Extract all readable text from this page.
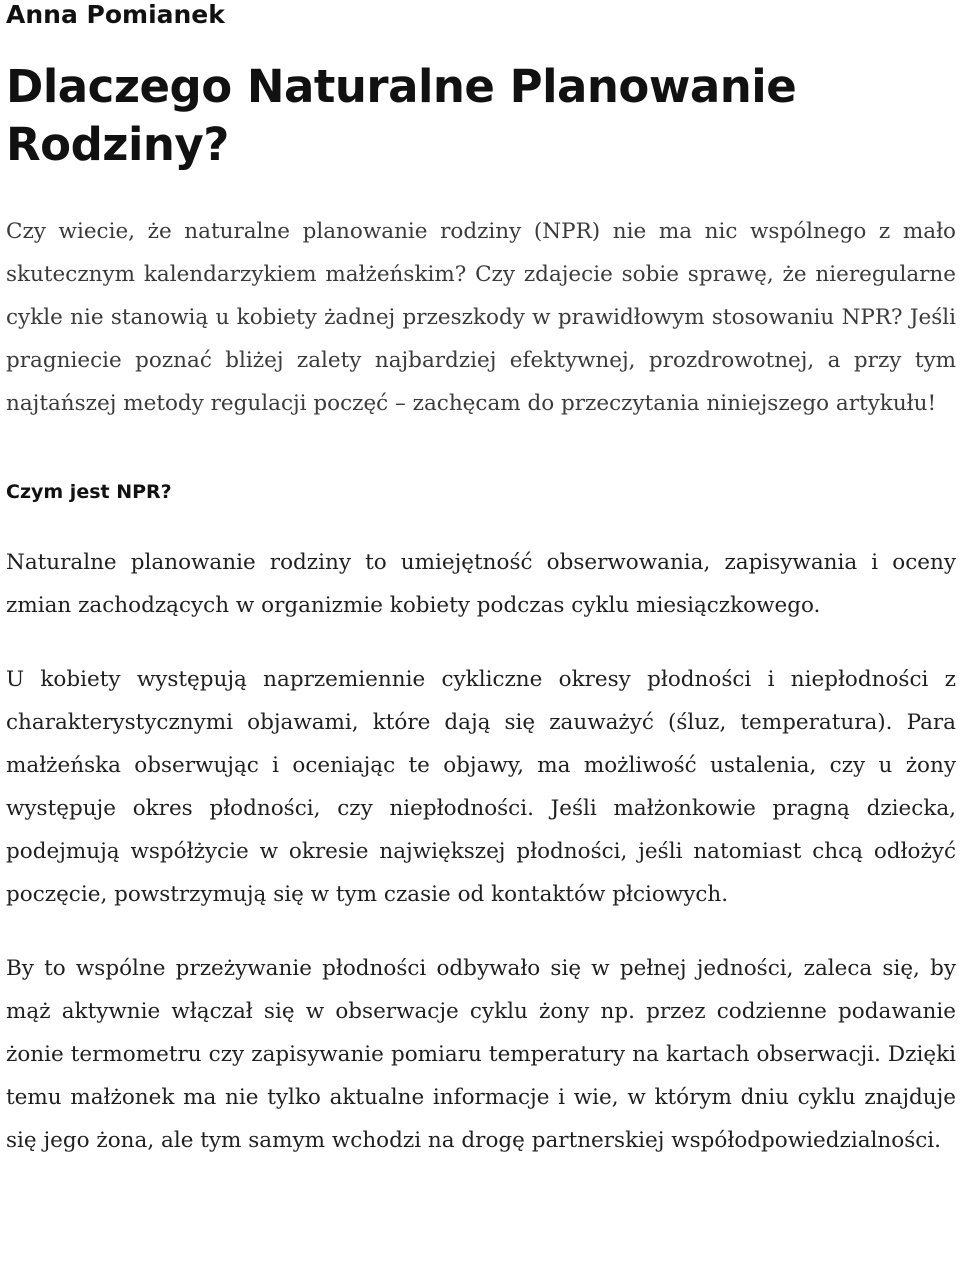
Anna Pomianek
Dlaczego Naturalne Planowanie Rodziny?

Czy wiecie, że naturalne planowanie rodziny (NPR) nie ma nic wspólnego z mało skutecznym kalendarzykiem małżeńskim? Czy zdajecie sobie sprawę, że nieregularne cykle nie stanowią u kobiety żadnej przeszkody w prawidłowym stosowaniu NPR? Jeśli pragniecie poznać bliżej zalety najbardziej efektywnej, prozdrowotnej, a przy tym najtańszej metody regulacji poczęć – zachęcam do przeczytania niniejszego artykułu!

Czym jest NPR?

Naturalne planowanie rodziny to umiejętność obserwowania, zapisywania i oceny zmian zachodzących w organizmie kobiety podczas cyklu miesiączkowego.

U kobiety występują naprzemiennie cykliczne okresy płodności i niepłodności z charakterystycznymi objawami, które dają się zauważyć (śluz, temperatura). Para małżeńska obserwując i oceniając te objawy, ma możliwość ustalenia, czy u żony występuje okres płodności, czy niepłodności. Jeśli małżonkowie pragną dziecka, podejmują współżycie w okresie największej płodności, jeśli natomiast chcą odłożyć poczęcie, powstrzymują się w tym czasie od kontaktów płciowych.

By to wspólne przeżywanie płodności odbywało się w pełnej jedności, zaleca się, by mąż aktywnie włączał się w obserwacje cyklu żony np. przez codzienne podawanie żonie termometru czy zapisywanie pomiaru temperatury na kartach obserwacji. Dzięki temu małżonek ma nie tylko aktualne informacje i wie, w którym dniu cyklu znajduje się jego żona, ale tym samym wchodzi na drogę partnerskiej współodpowiedzialności.
